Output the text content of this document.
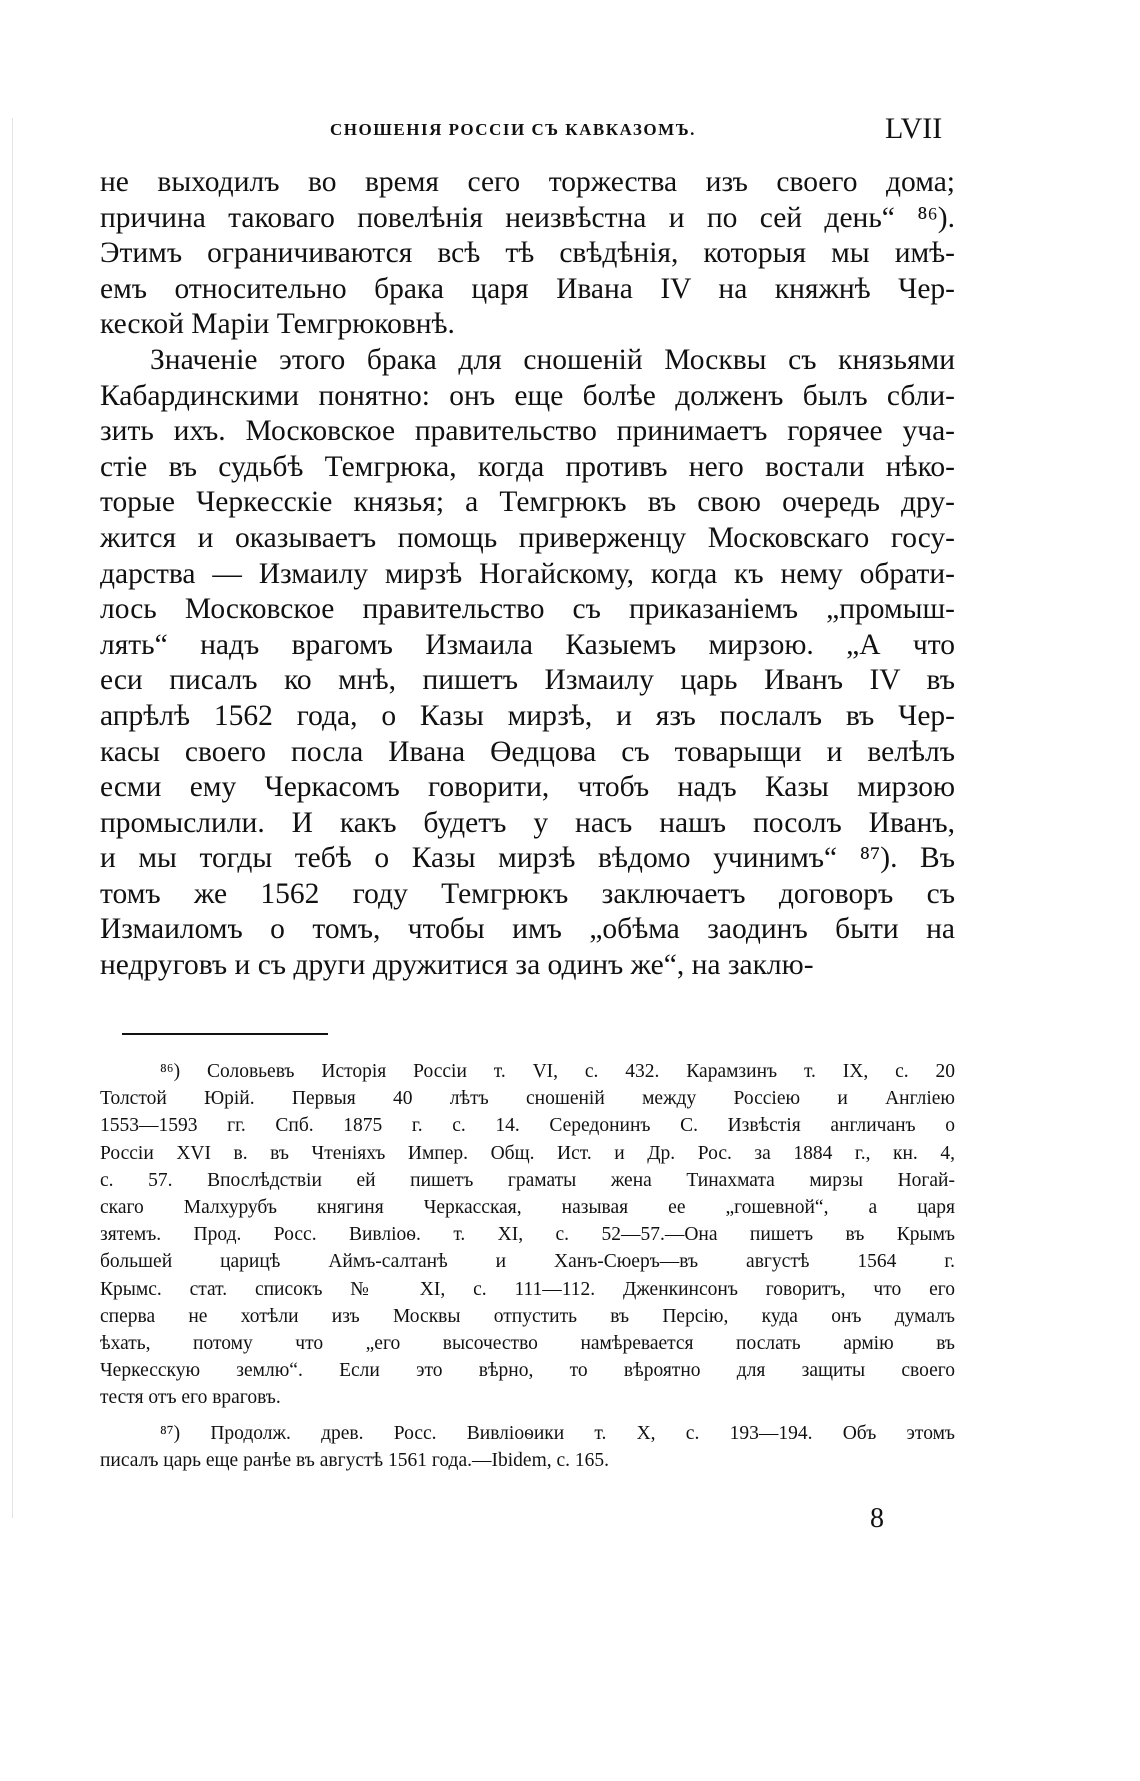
СНОШЕНІЯ РОССІИ СЪ КАВКАЗОМЪ.	LVII
не выходилъ во время сего торжества изъ своего дома;
причина таковаго повелѣнія неизвѣстна и по сей день“ ⁸⁶).
Этимъ ограничиваются всѣ тѣ свѣдѣнія, которыя мы имѣ-
емъ относительно брака царя Ивана IV на княжнѣ Чер-
кеской Маріи Темгрюковнѣ.
Значеніе этого брака для сношеній Москвы съ князьями
Кабардинскими понятно: онъ еще болѣе долженъ былъ сбли-
зить ихъ. Московское правительство принимаетъ горячее уча-
стіе въ судьбѣ Темгрюка, когда противъ него востали нѣко-
торые Черкесскіе князья; а Темгрюкъ въ свою очередь дру-
жится и оказываетъ помощь приверженцу Московскаго госу-
дарства — Измаилу мирзѣ Ногайскому, когда къ нему обрати-
лось Московское правительство съ приказаніемъ „промыш-
лять“ надъ врагомъ Измаила Казыемъ мирзою. „А что
еси писалъ ко мнѣ, пишетъ Измаилу царь Иванъ IV въ
апрѣлѣ 1562 года, о Казы мирзѣ, и язъ послалъ въ Чер-
касы своего посла Ивана Өедцова съ товарыщи и велѣлъ
есми ему Черкасомъ говорити, чтобъ надъ Казы мирзою
промыслили. И какъ будетъ у насъ нашъ посолъ Иванъ,
и мы тогды тебѣ о Казы мирзѣ вѣдомо учинимъ“ ⁸⁷). Въ
томъ же 1562 году Темгрюкъ заключаетъ договоръ съ
Измаиломъ о томъ, чтобы имъ „обѣма заодинъ быти на
недруговъ и съ други дружитися за одинъ же“, на заклю-
⁸⁶) Соловьевъ Исторія Россіи т. VI, с. 432. Карамзинъ т. IX, с. 20
Толстой Юрій. Первыя 40 лѣтъ сношеній между Россіею и Англіею
1553—1593 гг. Спб. 1875 г. с. 14. Середонинъ С. Извѣстія англичанъ о
Россіи XVI в. въ Чтеніяхъ Импер. Общ. Ист. и Др. Рос. за 1884 г., кн. 4,
с. 57. Впослѣдствіи ей пишетъ граматы жена Тинахмата мирзы Ногай-
скаго Малхурубъ княгиня Черкасская, называя ее „гошевной“, а царя
зятемъ. Прод. Росс. Вивліоѳ. т. XI, с. 52—57.—Она пишетъ въ Крымъ
большей царицѣ Аймъ-салтанѣ и Ханъ-Сюеръ—въ августѣ 1564 г.
Крымс. стат. списокъ № XI, с. 111—112. Дженкинсонъ говоритъ, что его
сперва не хотѣли изъ Москвы отпустить въ Персію, куда онъ думалъ
ѣхать, потому что „его высочество намѣревается послать армію въ
Черкесскую землю“. Если это вѣрно, то вѣроятно для защиты своего
тестя отъ его враговъ.
⁸⁷) Продолж. древ. Росс. Вивліоѳики т. X, с. 193—194. Объ этомъ
писалъ царь еще ранѣе въ августѣ 1561 года.—Ibidem, с. 165.
8
